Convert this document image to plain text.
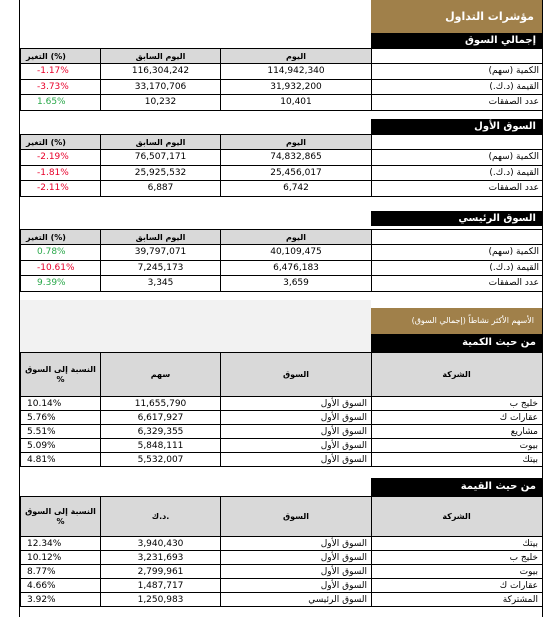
مؤشرات التداول
إجمالي السوق
التغير (%)	اليوم السابق	اليوم	
-1.17%	116,304,242	114,942,340	الكمية (سهم)
-3.73%	33,170,706	31,932,200	القيمة (د.ك.)
1.65%	10,232	10,401	عدد الصفقات
السوق الأول
التغير (%)	اليوم السابق	اليوم	
-2.19%	76,507,171	74,832,865	الكمية (سهم)
-1.81%	25,925,532	25,456,017	القيمة (د.ك.)
-2.11%	6,887	6,742	عدد الصفقات
السوق الرئيسي
التغير (%)	اليوم السابق	اليوم	
0.78%	39,797,071	40,109,475	الكمية (سهم)
-10.61%	7,245,173	6,476,183	القيمة (د.ك.)
9.39%	3,345	3,659	عدد الصفقات
الأسهم الأكثر نشاطاً (إجمالي السوق)
من حيث الكمية
النسبة إلى السوق %	سهم	السوق	الشركة
10.14%	11,655,790	السوق الأول	خليج ب
5.76%	6,617,927	السوق الأول	عقارات ك
5.51%	6,329,355	السوق الأول	مشاريع
5.09%	5,848,111	السوق الأول	بيوت
4.81%	5,532,007	السوق الأول	بيتك
من حيث القيمة
النسبة إلى السوق %	د.ك.	السوق	الشركة
12.34%	3,940,430	السوق الأول	بيتك
10.12%	3,231,693	السوق الأول	خليج ب
8.77%	2,799,961	السوق الأول	بيوت
4.66%	1,487,717	السوق الأول	عقارات ك
3.92%	1,250,983	السوق الرئيسي	المشتركة
